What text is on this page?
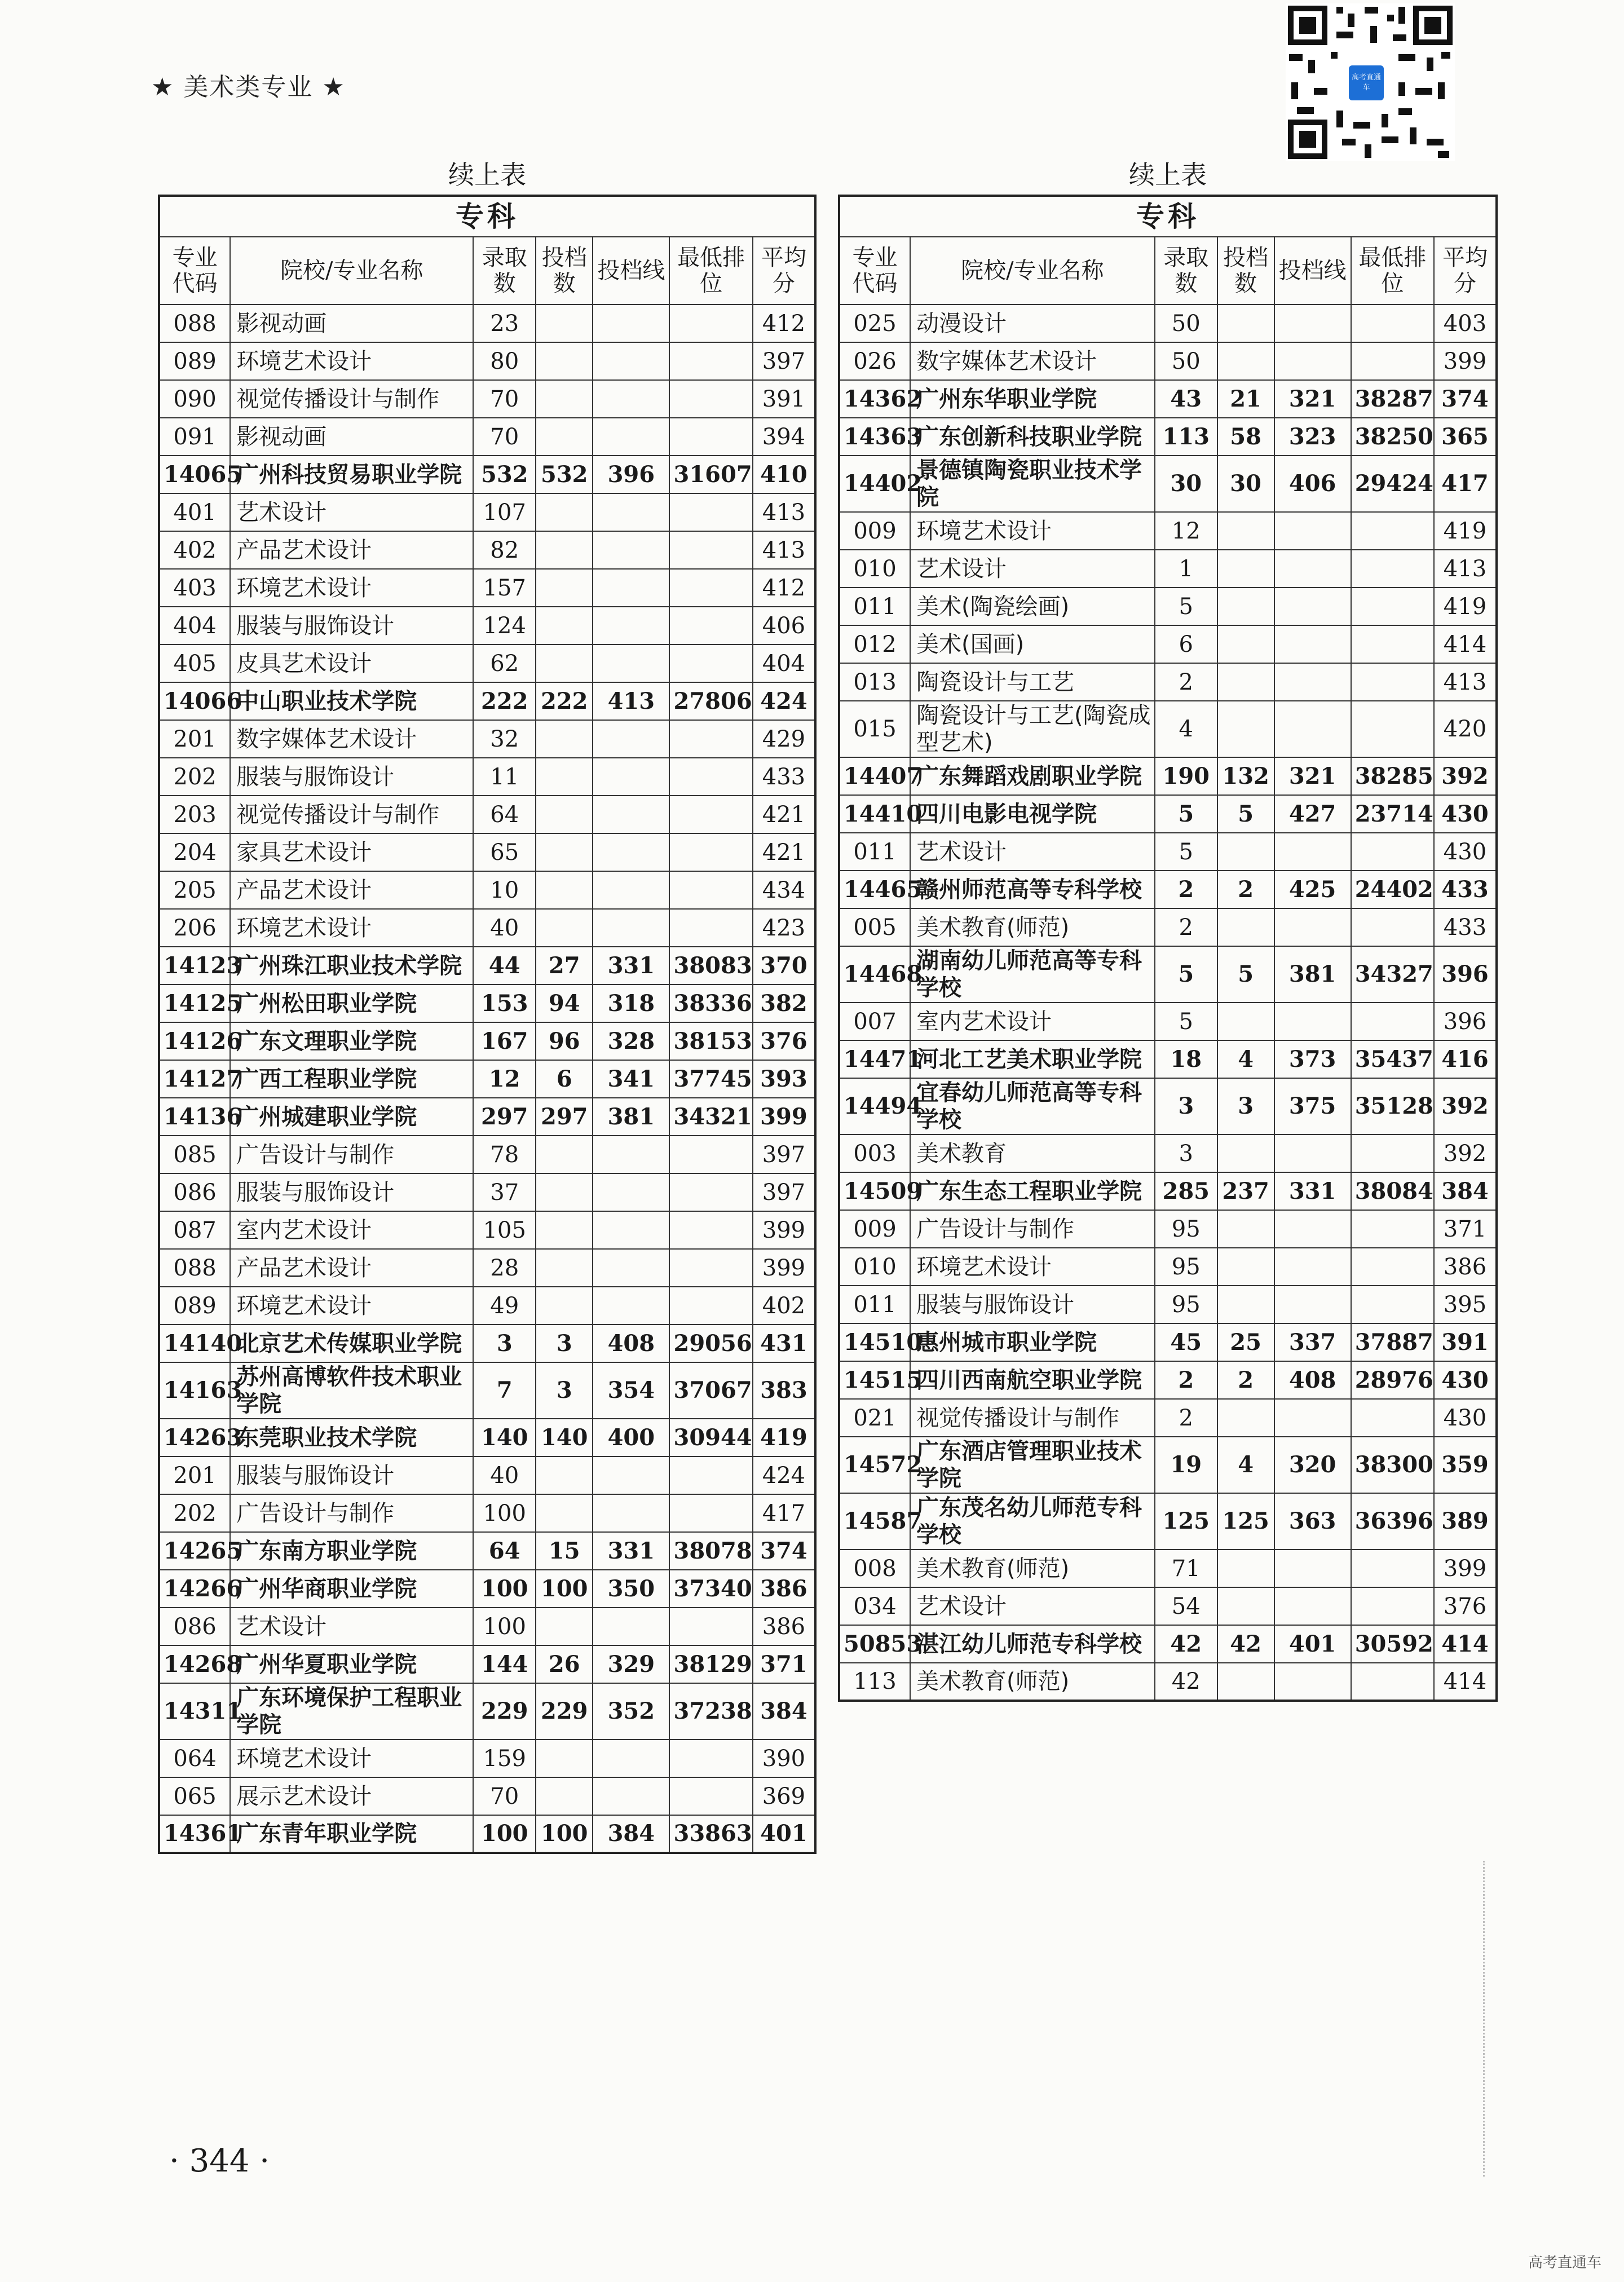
★ 美术类专业 ★	高考直通车
续上表
专科						
专业代码	院校/专业名称	录取数	投档数	投档线	最低排位	平均分
088	影视动画	23				412
089	环境艺术设计	80				397
090	视觉传播设计与制作	70				391
091	影视动画	70				394
14065	广州科技贸易职业学院	532	532	396	31607	410
401	艺术设计	107				413
402	产品艺术设计	82				413
403	环境艺术设计	157				412
404	服装与服饰设计	124				406
405	皮具艺术设计	62				404
14066	中山职业技术学院	222	222	413	27806	424
201	数字媒体艺术设计	32				429
202	服装与服饰设计	11				433
203	视觉传播设计与制作	64				421
204	家具艺术设计	65				421
205	产品艺术设计	10				434
206	环境艺术设计	40				423
14123	广州珠江职业技术学院	44	27	331	38083	370
14125	广州松田职业学院	153	94	318	38336	382
14126	广东文理职业学院	167	96	328	38153	376
14127	广西工程职业学院	12	6	341	37745	393
14136	广州城建职业学院	297	297	381	34321	399
085	广告设计与制作	78				397
086	服装与服饰设计	37				397
087	室内艺术设计	105				399
088	产品艺术设计	28				399
089	环境艺术设计	49				402
14140	北京艺术传媒职业学院	3	3	408	29056	431
14163	苏州高博软件技术职业学院	7	3	354	37067	383
14263	东莞职业技术学院	140	140	400	30944	419
201	服装与服饰设计	40				424
202	广告设计与制作	100				417
14265	广东南方职业学院	64	15	331	38078	374
14266	广州华商职业学院	100	100	350	37340	386
086	艺术设计	100				386
14268	广州华夏职业学院	144	26	329	38129	371
14311	广东环境保护工程职业学院	229	229	352	37238	384
064	环境艺术设计	159				390
065	展示艺术设计	70				369
14361	广东青年职业学院	100	100	384	33863	401
续上表
专科						
专业代码	院校/专业名称	录取数	投档数	投档线	最低排位	平均分
025	动漫设计	50				403
026	数字媒体艺术设计	50				399
14362	广州东华职业学院	43	21	321	38287	374
14363	广东创新科技职业学院	113	58	323	38250	365
14402	景德镇陶瓷职业技术学院	30	30	406	29424	417
009	环境艺术设计	12				419
010	艺术设计	1				413
011	美术(陶瓷绘画)	5				419
012	美术(国画)	6				414
013	陶瓷设计与工艺	2				413
015	陶瓷设计与工艺(陶瓷成型艺术)	4				420
14407	广东舞蹈戏剧职业学院	190	132	321	38285	392
14410	四川电影电视学院	5	5	427	23714	430
011	艺术设计	5				430
14465	赣州师范高等专科学校	2	2	425	24402	433
005	美术教育(师范)	2				433
14468	湖南幼儿师范高等专科学校	5	5	381	34327	396
007	室内艺术设计	5				396
14471	河北工艺美术职业学院	18	4	373	35437	416
14494	宜春幼儿师范高等专科学校	3	3	375	35128	392
003	美术教育	3				392
14509	广东生态工程职业学院	285	237	331	38084	384
009	广告设计与制作	95				371
010	环境艺术设计	95				386
011	服装与服饰设计	95				395
14510	惠州城市职业学院	45	25	337	37887	391
14515	四川西南航空职业学院	2	2	408	28976	430
021	视觉传播设计与制作	2				430
14572	广东酒店管理职业技术学院	19	4	320	38300	359
14587	广东茂名幼儿师范专科学校	125	125	363	36396	389
008	美术教育(师范)	71				399
034	艺术设计	54				376
50853	湛江幼儿师范专科学校	42	42	401	30592	414
113	美术教育(师范)	42				414
· 344 ·
高考直通车
